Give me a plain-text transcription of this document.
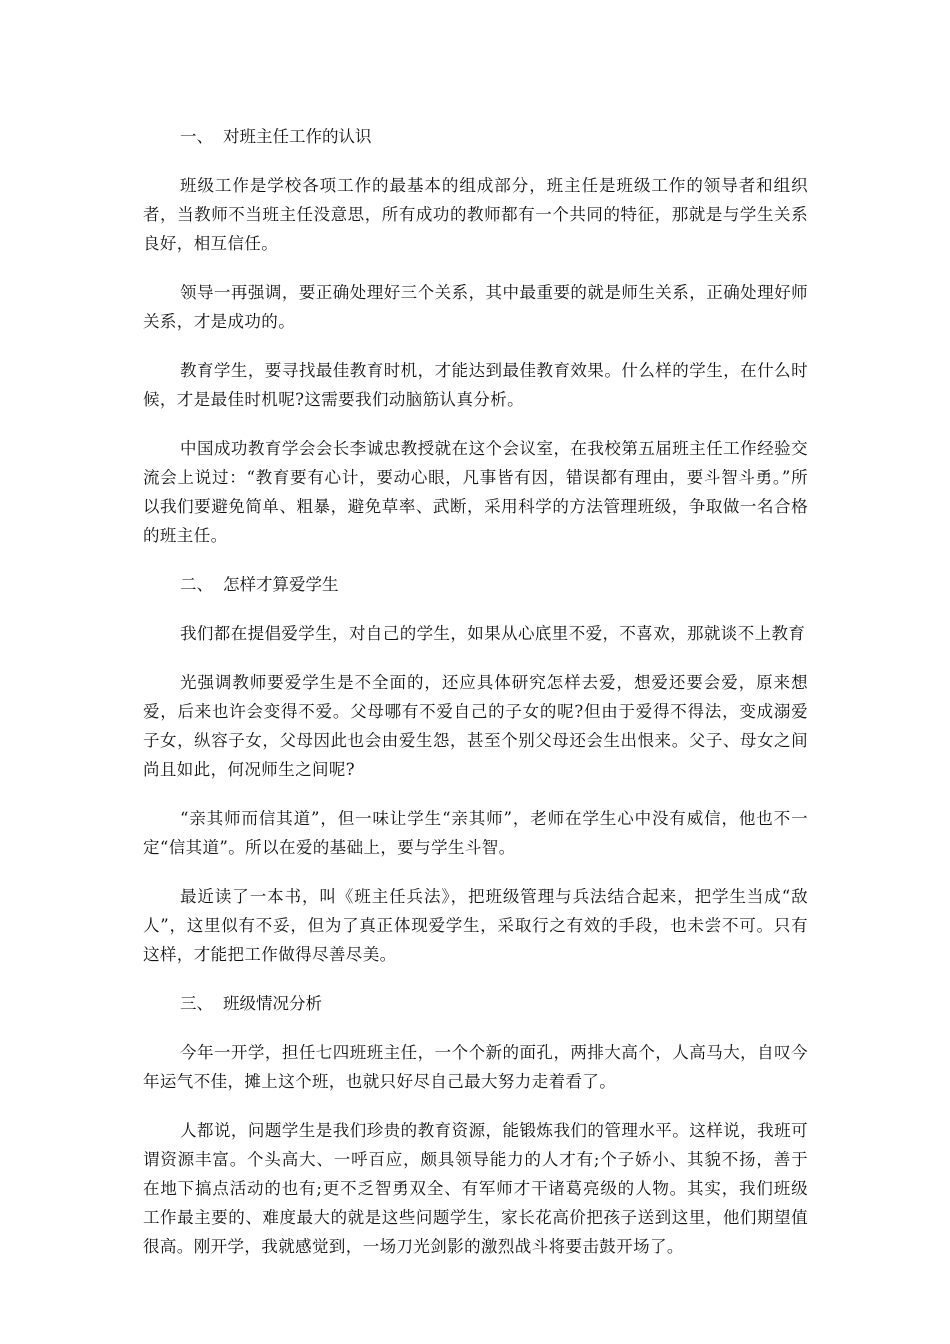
一、 对班主任工作的认识

班级工作是学校各项工作的最基本的组成部分，班主任是班级工作的领导者和组织者，当教师不当班主任没意思，所有成功的教师都有一个共同的特征，那就是与学生关系良好，相互信任。

领导一再强调，要正确处理好三个关系，其中最重要的就是师生关系，正确处理好师关系，才是成功的。

教育学生，要寻找最佳教育时机，才能达到最佳教育效果。什么样的学生，在什么时候，才是最佳时机呢?这需要我们动脑筋认真分析。

中国成功教育学会会长李诚忠教授就在这个会议室，在我校第五届班主任工作经验交流会上说过：“教育要有心计，要动心眼，凡事皆有因，错误都有理由，要斗智斗勇。”所以我们要避免简单、粗暴，避免草率、武断，采用科学的方法管理班级，争取做一名合格的班主任。

二、 怎样才算爱学生

我们都在提倡爱学生，对自己的学生，如果从心底里不爱，不喜欢，那就谈不上教育

光强调教师要爱学生是不全面的，还应具体研究怎样去爱，想爱还要会爱，原来想爱，后来也许会变得不爱。父母哪有不爱自己的子女的呢?但由于爱得不得法，变成溺爱子女，纵容子女，父母因此也会由爱生怨，甚至个别父母还会生出恨来。父子、母女之间尚且如此，何况师生之间呢?

“亲其师而信其道”，但一味让学生“亲其师”，老师在学生心中没有威信，他也不一定“信其道”。所以在爱的基础上，要与学生斗智。

最近读了一本书，叫《班主任兵法》，把班级管理与兵法结合起来，把学生当成“敌人”，这里似有不妥，但为了真正体现爱学生，采取行之有效的手段，也未尝不可。只有这样，才能把工作做得尽善尽美。

三、 班级情况分析

今年一开学，担任七四班班主任，一个个新的面孔，两排大高个，人高马大，自叹今年运气不佳，摊上这个班，也就只好尽自己最大努力走着看了。

人都说，问题学生是我们珍贵的教育资源，能锻炼我们的管理水平。这样说，我班可谓资源丰富。个头高大、一呼百应，颇具领导能力的人才有;个子娇小、其貌不扬，善于在地下搞点活动的也有;更不乏智勇双全、有军师才干诸葛亮级的人物。其实，我们班级工作最主要的、难度最大的就是这些问题学生，家长花高价把孩子送到这里，他们期望值很高。刚开学，我就感觉到，一场刀光剑影的激烈战斗将要击鼓开场了。
